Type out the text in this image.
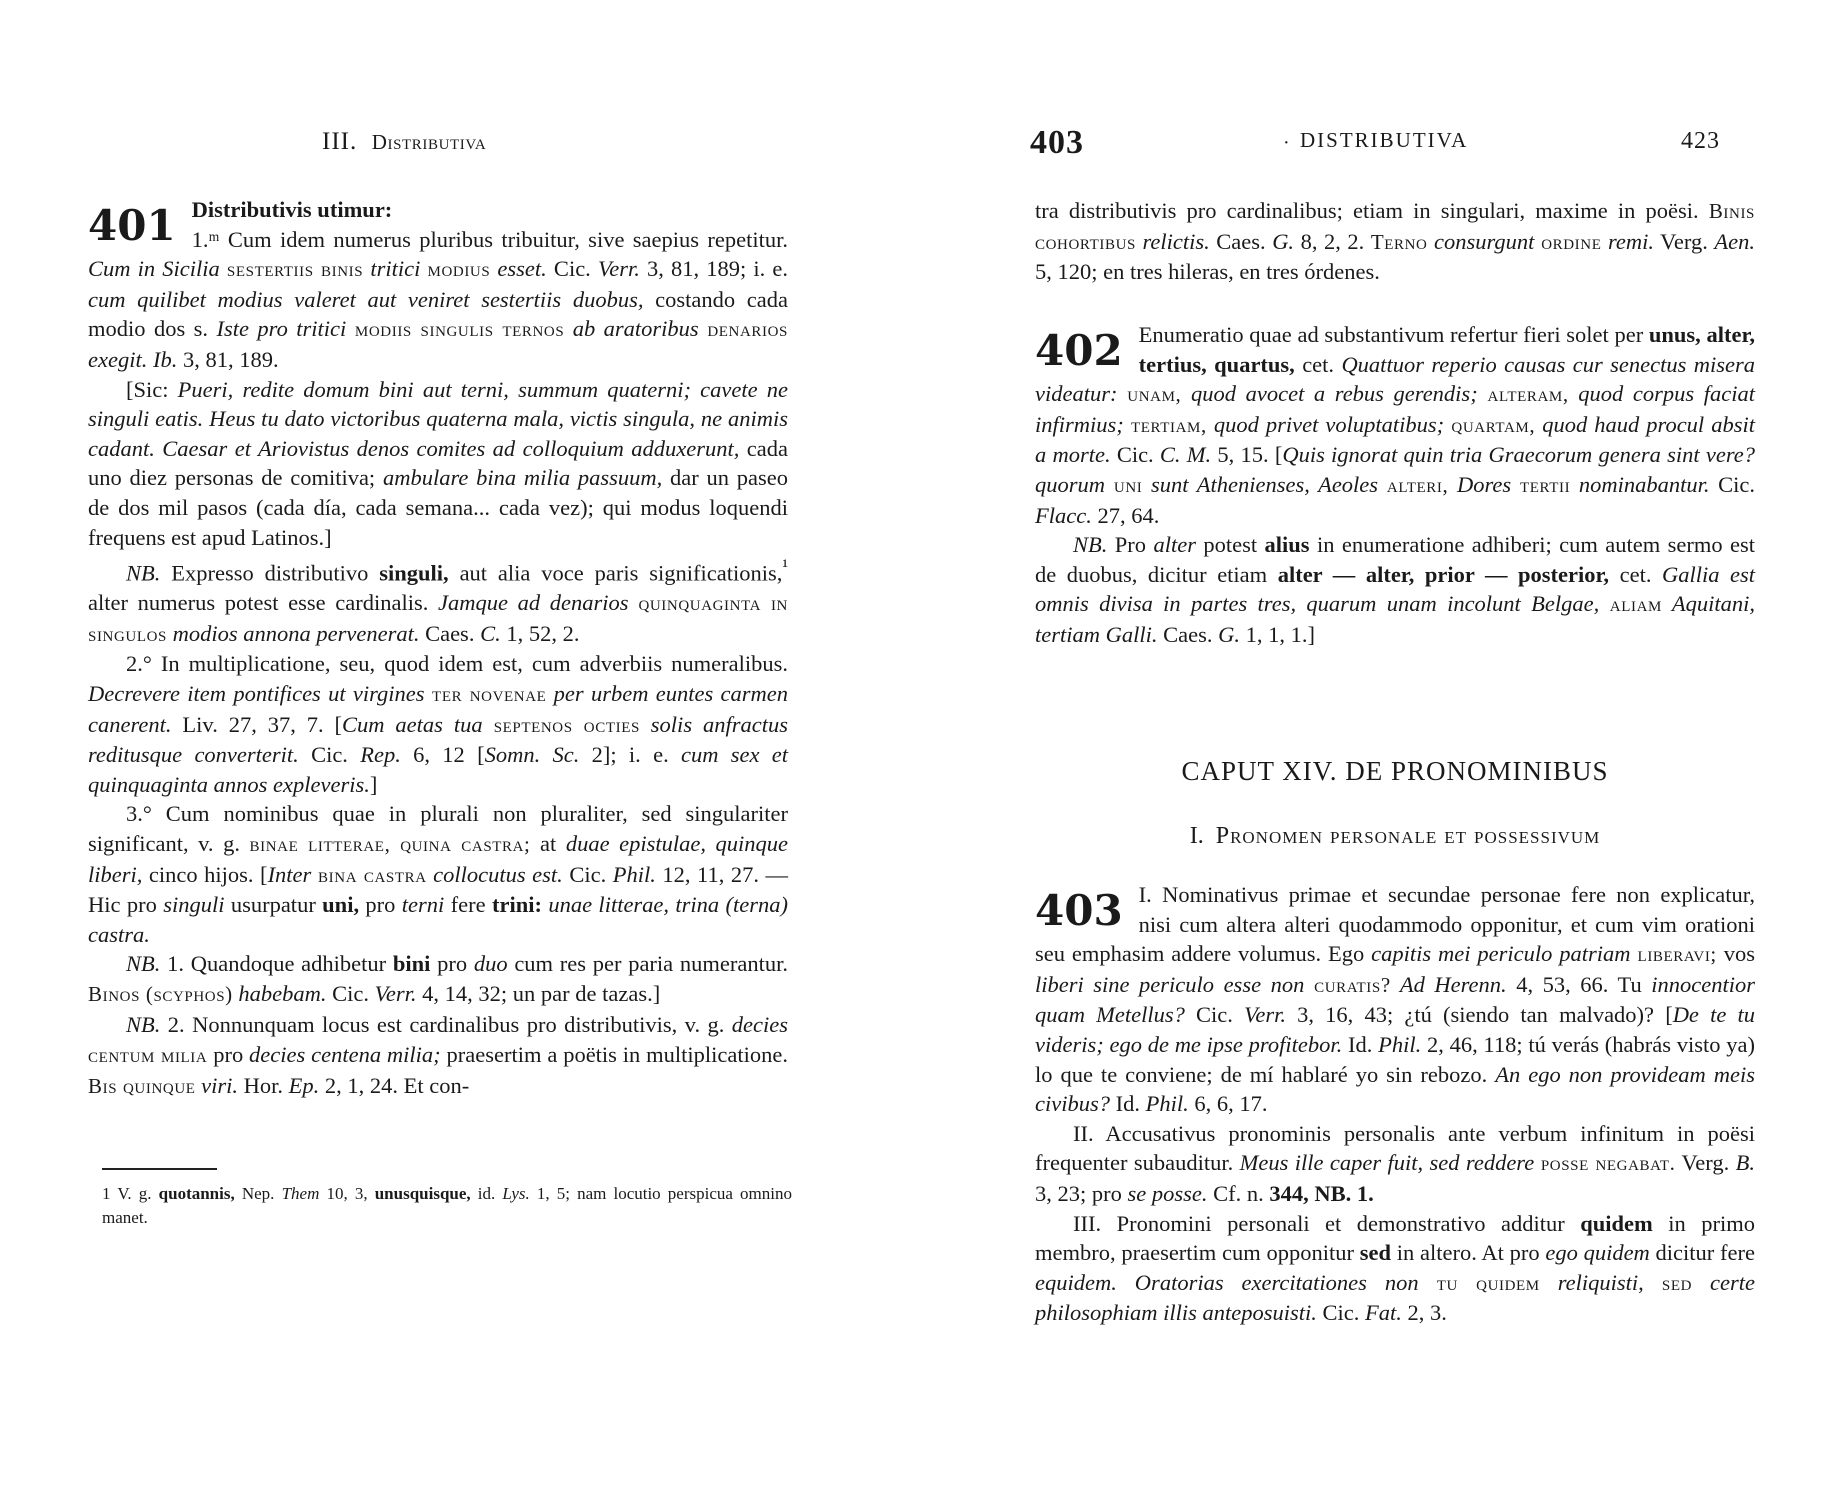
III. Distributiva
401 Distributivis utimur:

1.ᵐ Cum idem numerus pluribus tribuitur, sive saepius repetitur. Cum in Sicilia sestertiis binis tritici modius esset. Cic. Verr. 3, 81, 189; i. e. cum quilibet modius valeret aut veniret sestertiis duobus, costando cada modio dos s. Iste pro tritici modiis singulis ternos ab aratoribus denarios exegit. Ib. 3, 81, 189.

[Sic: Pueri, redite domum bini aut terni, summum quaterni; cavete ne singuli eatis. Heus tu dato victoribus quaterna mala, victis singula, ne animis cadant. Caesar et Ariovistus denos comites ad colloquium adduxerunt, cada uno diez personas de comitiva; ambulare bina milia passuum, dar un paseo de dos mil pasos (cada día, cada semana... cada vez); qui modus loquendi frequens est apud Latinos.]

NB. Expresso distributivo singuli, aut alia voce paris significationis,$^{^1}$ alter numerus potest esse cardinalis. Jamque ad denarios quinquaginta in singulos modios annona pervenerat. Caes. C. 1, 52, 2.

2.° In multiplicatione, seu, quod idem est, cum adverbiis numeralibus. Decrevere item pontifices ut virgines ter novenae per urbem euntes carmen canerent. Liv. 27, 37, 7. [Cum aetas tua septenos octies solis anfractus reditusque converterit. Cic. Rep. 6, 12 [Somn. Sc. 2]; i. e. cum sex et quinquaginta annos expleveris.]

3.° Cum nominibus quae in plurali non pluraliter, sed singulariter significant, v. g. binae litterae, quina castra; at duae epistulae, quinque liberi, cinco hijos. [Inter bina castra collocutus est. Cic. Phil. 12, 11, 27. — Hic pro singuli usurpatur uni, pro terni fere trini: unae litterae, trina (terna) castra.

NB. 1. Quandoque adhibetur bini pro duo cum res per paria numerantur. Binos (scyphos) habebam. Cic. Verr. 4, 14, 32; un par de tazas.]

NB. 2. Nonnunquam locus est cardinalibus pro distributivis, v. g. decies centum milia pro decies centena milia; praesertim a poëtis in multiplicatione. Bis quinque viri. Hor. Ep. 2, 1, 24. Et con-

1 V. g. quotannis, Nep. Them 10, 3, unusquisque, id. Lys. 1, 5; nam locutio perspicua omnino manet.
403	· DISTRIBUTIVA	423

tra distributivis pro cardinalibus; etiam in singulari, maxime in poësi. Binis cohortibus relictis. Caes. G. 8, 2, 2. Terno consurgunt ordine remi. Verg. Aen. 5, 120; en tres hileras, en tres órdenes.

402 Enumeratio quae ad substantivum refertur fieri solet per unus, alter, tertius, quartus, cet. Quattuor reperio causas cur senectus misera videatur: unam, quod avocet a rebus gerendis; alteram, quod corpus faciat infirmius; tertiam, quod privet voluptatibus; quartam, quod haud procul absit a morte. Cic. C. M. 5, 15. [Quis ignorat quin tria Graecorum genera sint vere? quorum uni sunt Athenienses, Aeoles alteri, Dores tertii nominabantur. Cic. Flacc. 27, 64.

NB. Pro alter potest alius in enumeratione adhiberi; cum autem sermo est de duobus, dicitur etiam alter — alter, prior — posterior, cet. Gallia est omnis divisa in partes tres, quarum unam incolunt Belgae, aliam Aquitani, tertiam Galli. Caes. G. 1, 1, 1.]

CAPUT XIV. DE PRONOMINIBUS
I. Pronomen personale et possessivum
403 I. Nominativus primae et secundae personae fere non explicatur, nisi cum altera alteri quodammodo opponitur, et cum vim orationi seu emphasim addere volumus. Ego capitis mei periculo patriam liberavi; vos liberi sine periculo esse non curatis? Ad Herenn. 4, 53, 66. Tu innocentior quam Metellus? Cic. Verr. 3, 16, 43; ¿tú (siendo tan malvado)? [De te tu videris; ego de me ipse profitebor. Id. Phil. 2, 46, 118; tú verás (habrás visto ya) lo que te conviene; de mí hablaré yo sin rebozo. An ego non provideam meis civibus? Id. Phil. 6, 6, 17.

II. Accusativus pronominis personalis ante verbum infinitum in poësi frequenter subauditur. Meus ille caper fuit, sed reddere posse negabat. Verg. B. 3, 23; pro se posse. Cf. n. 344, NB. 1.

III. Pronomini personali et demonstrativo additur quidem in primo membro, praesertim cum opponitur sed in altero. At pro ego quidem dicitur fere equidem. Oratorias exercitationes non tu quidem reliquisti, sed certe philosophiam illis anteposuisti. Cic. Fat. 2, 3.
